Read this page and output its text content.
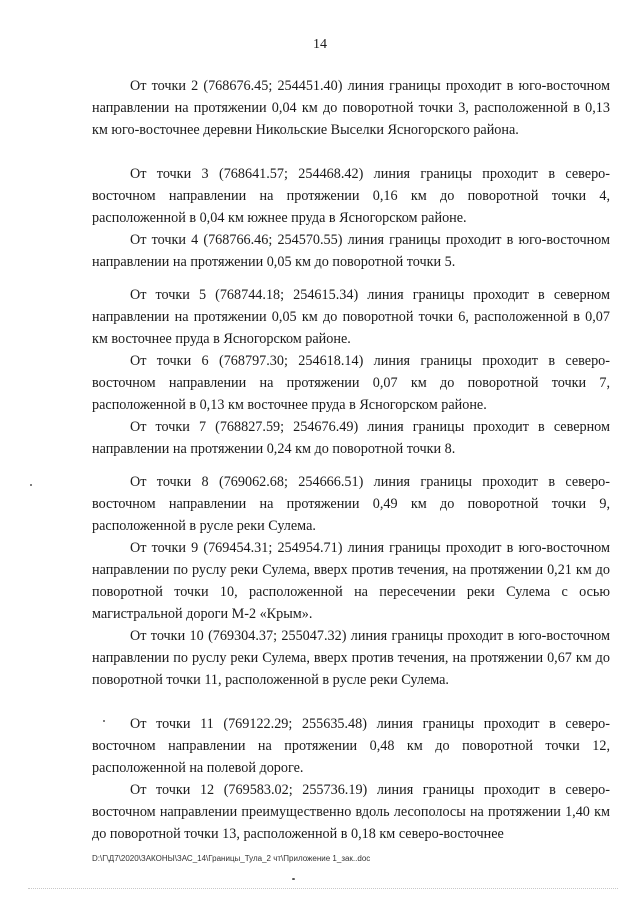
14

От точки 2 (768676.45; 254451.40) линия границы проходит в юго-восточном направлении на протяжении 0,04 км до поворотной точки 3, расположенной в 0,13 км юго-восточнее деревни Никольские Выселки Ясногорского района.

От точки 3 (768641.57; 254468.42) линия границы проходит в северо-восточном направлении на протяжении 0,16 км до поворотной точки 4, расположенной в 0,04 км южнее пруда в Ясногорском районе.

От точки 4 (768766.46; 254570.55) линия границы проходит в юго-восточном направлении на протяжении 0,05 км до поворотной точки 5.

От точки 5 (768744.18; 254615.34) линия границы проходит в северном направлении на протяжении 0,05 км до поворотной точки 6, расположенной в 0,07 км восточнее пруда в Ясногорском районе.

От точки 6 (768797.30; 254618.14) линия границы проходит в северо-восточном направлении на протяжении 0,07 км до поворотной точки 7, расположенной в 0,13 км восточнее пруда в Ясногорском районе.

От точки 7 (768827.59; 254676.49) линия границы проходит в северном направлении на протяжении 0,24 км до поворотной точки 8.

От точки 8 (769062.68; 254666.51) линия границы проходит в северо-восточном направлении на протяжении 0,49 км до поворотной точки 9, расположенной в русле реки Сулема.

От точки 9 (769454.31; 254954.71) линия границы проходит в юго-восточном направлении по руслу реки Сулема, вверх против течения, на протяжении 0,21 км до поворотной точки 10, расположенной на пересечении реки Сулема с осью магистральной дороги М-2 «Крым».

От точки 10 (769304.37; 255047.32) линия границы проходит в юго-восточном направлении по руслу реки Сулема, вверх против течения, на протяжении 0,67 км до поворотной точки 11, расположенной в русле реки Сулема.

От точки 11 (769122.29; 255635.48) линия границы проходит в северо-восточном направлении на протяжении 0,48 км до поворотной точки 12, расположенной на полевой дороге.

От точки 12 (769583.02; 255736.19) линия границы проходит в северо-восточном направлении преимущественно вдоль лесополосы на протяжении 1,40 км до поворотной точки 13, расположенной в 0,18 км северо-восточнее

D:\Г\Д7\2020\ЗАКОНЫ\ЗАС_14\Границы_Тула_2 чт\Приложение 1_зак..doc
